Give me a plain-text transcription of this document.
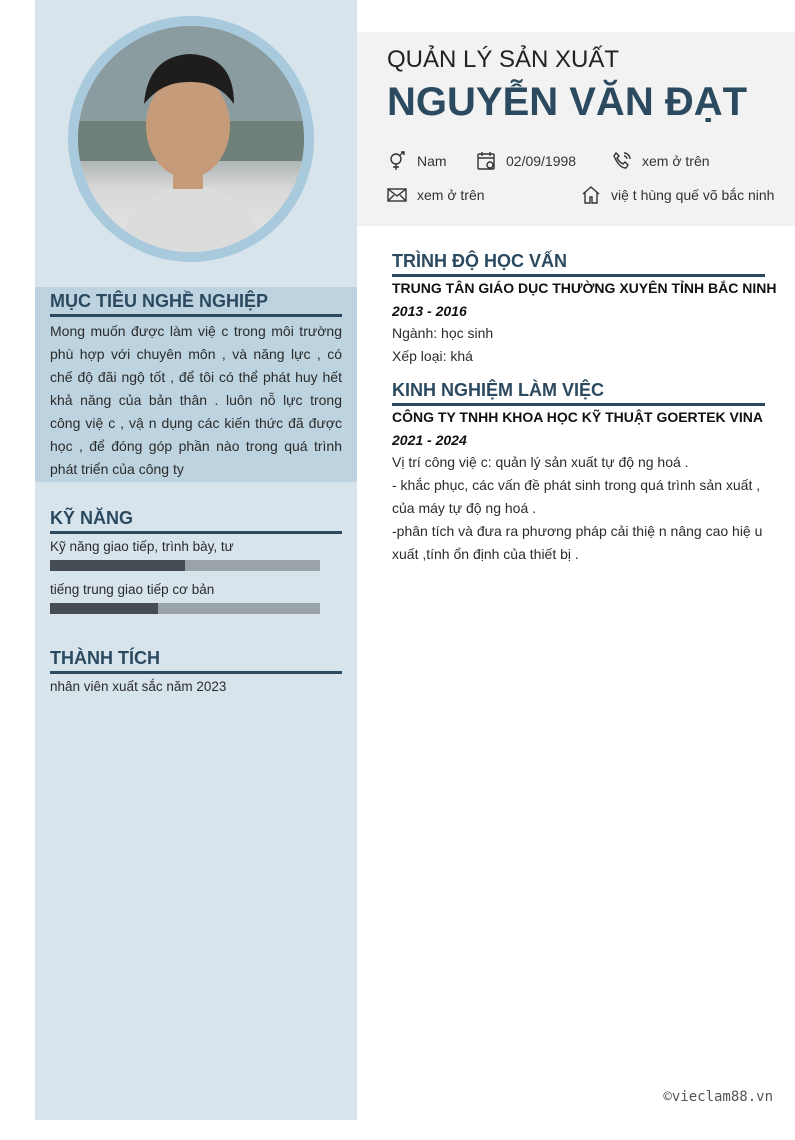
MỤC TIÊU NGHỀ NGHIỆP
Mong muốn được làm việ c trong môi trường phù hợp với chuyên môn , và năng lực , có chế độ đãi ngộ tốt , để tôi có thể phát huy hết khả năng của bản thân . luôn nỗ lực trong công việ c , vậ n dụng các kiến thức đã được học , để đóng góp phần nào trong quá trình phát triển của công ty
KỸ NĂNG
Kỹ năng giao tiếp, trình bày, tư
tiếng trung giao tiếp cơ bản
THÀNH TÍCH
nhân viên xuất sắc năm 2023
QUẢN LÝ SẢN XUẤT
NGUYỄN VĂN ĐẠT
Nam	02/09/1998	xem ở trên
xem ở trên	việ t hùng quế võ bắc ninh
TRÌNH ĐỘ HỌC VẤN
TRUNG TÂN GIÁO DỤC THƯỜNG XUYÊN TỈNH BẮC NINH
2013 - 2016
Ngành: học sinh
Xếp loại: khá
KINH NGHIỆM LÀM VIỆC
CÔNG TY TNHH KHOA HỌC KỸ THUẬT GOERTEK VINA
2021 - 2024
Vị trí công việ c: quản lý sản xuất tự độ ng hoá .
- khắc phục, các vấn đề phát sinh trong quá trình sản xuất , của máy tự độ ng hoá .
-phân tích và đưa ra phương pháp cải thiệ n nâng cao hiệ u xuất ,tính ổn định của thiết bị .
©vieclam88.vn
